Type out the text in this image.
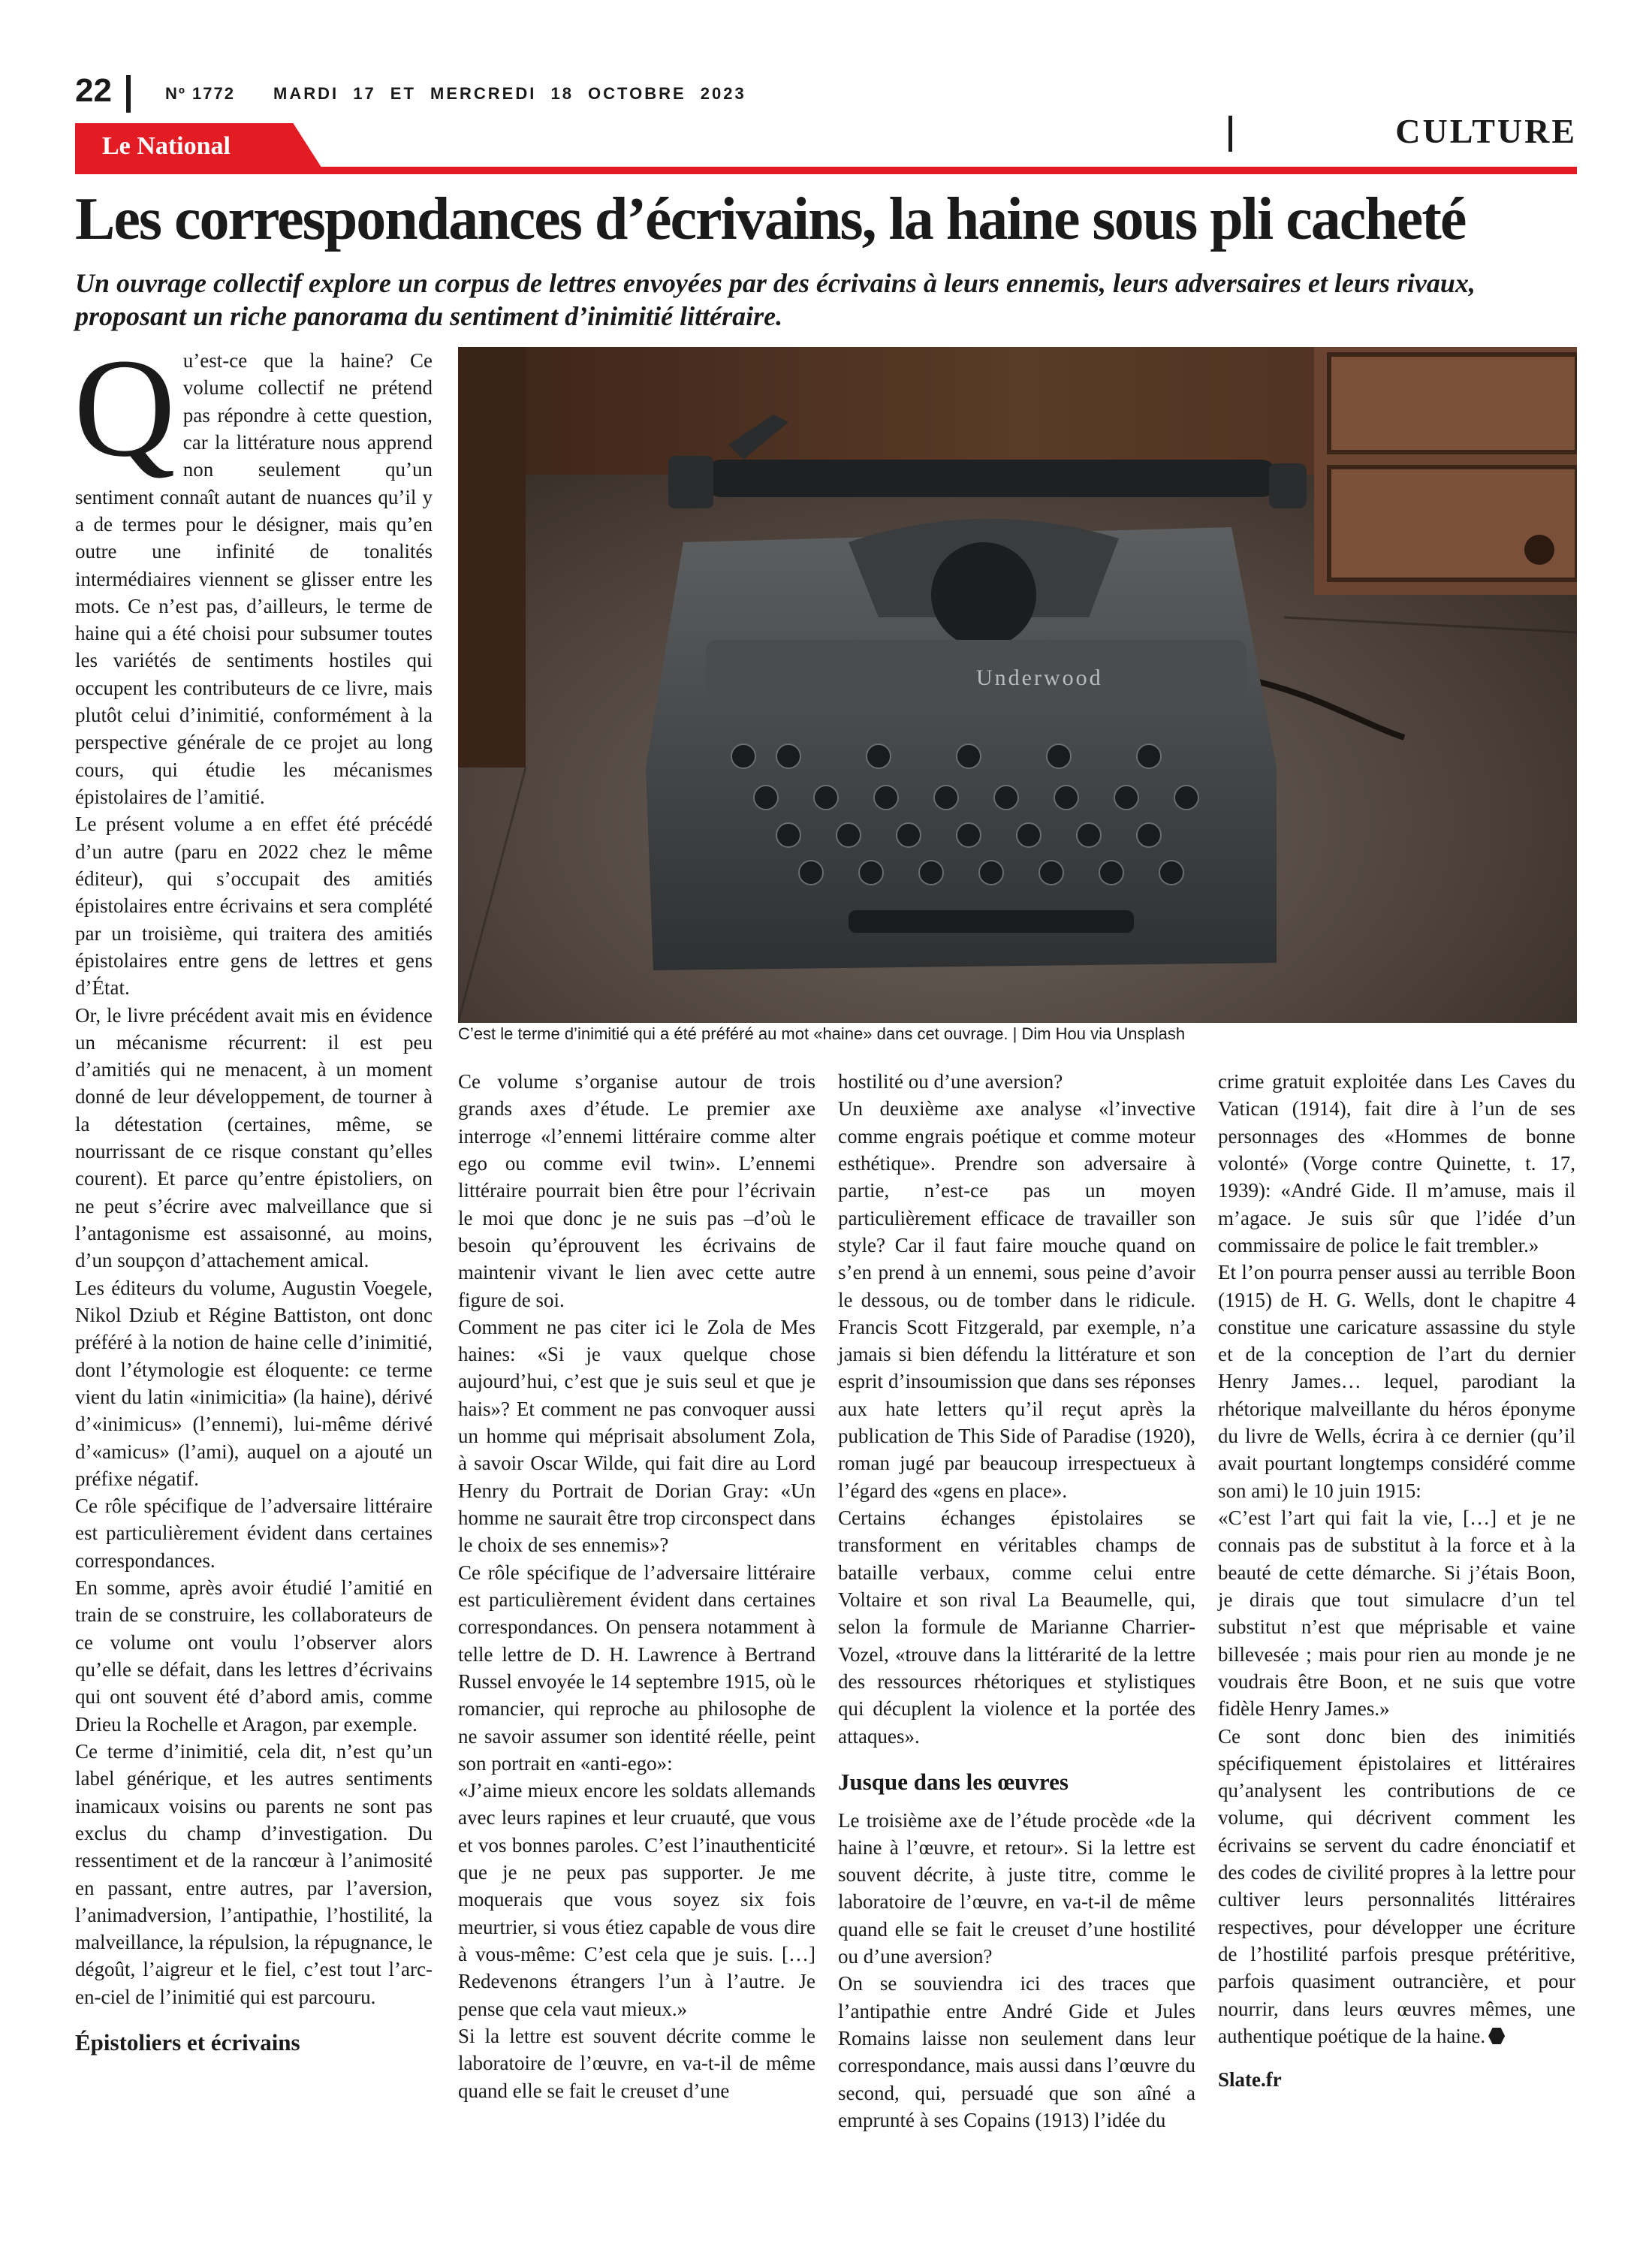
22	Nº 1772 MARDI 17 ET MERCREDI 18 OCTOBRE 2023
Le National	CULTURE
Les correspondances d’écrivains, la haine sous pli cacheté
Un ouvrage collectif explore un corpus de lettres envoyées par des écrivains à leurs ennemis, leurs adversaires et leurs rivaux, proposant un riche panorama du sentiment d’inimitié littéraire.
Underwood
C’est le terme d’inimitié qui a été préféré au mot «haine» dans cet ouvrage. | Dim Hou via Unsplash

Qu’est-ce que la haine? Ce volume collectif ne prétend pas répondre à cette question, car la littérature nous apprend non seulement qu’un sentiment connaît autant de nuances qu’il y a de termes pour le désigner, mais qu’en outre une infinité de tonalités intermédiaires viennent se glisser entre les mots. Ce n’est pas, d’ailleurs, le terme de haine qui a été choisi pour subsumer toutes les variétés de sentiments hostiles qui occupent les contributeurs de ce livre, mais plutôt celui d’inimitié, conformément à la perspective générale de ce projet au long cours, qui étudie les mécanismes épistolaires de l’amitié.

Le présent volume a en effet été précédé d’un autre (paru en 2022 chez le même éditeur), qui s’occupait des amitiés épistolaires entre écrivains et sera complété par un troisième, qui traitera des amitiés épistolaires entre gens de lettres et gens d’État.

Or, le livre précédent avait mis en évidence un mécanisme récurrent: il est peu d’amitiés qui ne menacent, à un moment donné de leur développement, de tourner à la détestation (certaines, même, se nourrissant de ce risque constant qu’elles courent). Et parce qu’entre épistoliers, on ne peut s’écrire avec malveillance que si l’antagonisme est assaisonné, au moins, d’un soupçon d’attachement amical.

Les éditeurs du volume, Augustin Voegele, Nikol Dziub et Régine Battiston, ont donc préféré à la notion de haine celle d’inimitié, dont l’étymologie est éloquente: ce terme vient du latin «inimicitia» (la haine), dérivé d’«inimicus» (l’ennemi), lui-même dérivé d’«amicus» (l’ami), auquel on a ajouté un préfixe négatif.

Ce rôle spécifique de l’adversaire littéraire est particulièrement évident dans certaines correspondances.

En somme, après avoir étudié l’amitié en train de se construire, les collaborateurs de ce volume ont voulu l’observer alors qu’elle se défait, dans les lettres d’écrivains qui ont souvent été d’abord amis, comme Drieu la Rochelle et Aragon, par exemple.

Ce terme d’inimitié, cela dit, n’est qu’un label générique, et les autres sentiments inamicaux voisins ou parents ne sont pas exclus du champ d’investigation. Du ressentiment et de la rancœur à l’animosité en passant, entre autres, par l’aversion, l’animadversion, l’antipathie, l’hostilité, la malveillance, la répulsion, la répugnance, le dégoût, l’aigreur et le fiel, c’est tout l’arc-en-ciel de l’inimitié qui est parcouru.

Épistoliers et écrivains

Ce volume s’organise autour de trois grands axes d’étude. Le premier axe interroge «l’ennemi littéraire comme alter ego ou comme evil twin». L’ennemi littéraire pourrait bien être pour l’écrivain le moi que donc je ne suis pas –d’où le besoin qu’éprouvent les écrivains de maintenir vivant le lien avec cette autre figure de soi.

Comment ne pas citer ici le Zola de Mes haines: «Si je vaux quelque chose aujourd’hui, c’est que je suis seul et que je hais»? Et comment ne pas convoquer aussi un homme qui méprisait absolument Zola, à savoir Oscar Wilde, qui fait dire au Lord Henry du Portrait de Dorian Gray: «Un homme ne saurait être trop circonspect dans le choix de ses ennemis»?

Ce rôle spécifique de l’adversaire littéraire est particulièrement évident dans certaines correspondances. On pensera notamment à telle lettre de D. H. Lawrence à Bertrand Russel envoyée le 14 septembre 1915, où le romancier, qui reproche au philosophe de ne savoir assumer son identité réelle, peint son portrait en «anti-ego»:

«J’aime mieux encore les soldats allemands avec leurs rapines et leur cruauté, que vous et vos bonnes paroles. C’est l’inauthenticité que je ne peux pas supporter. Je me moquerais que vous soyez six fois meurtrier, si vous étiez capable de vous dire à vous-même: C’est cela que je suis. […] Redevenons étrangers l’un à l’autre. Je pense que cela vaut mieux.»

Si la lettre est souvent décrite comme le laboratoire de l’œuvre, en va-t-il de même quand elle se fait le creuset d’une

hostilité ou d’une aversion?

Un deuxième axe analyse «l’invective comme engrais poétique et comme moteur esthétique». Prendre son adversaire à partie, n’est-ce pas un moyen particulièrement efficace de travailler son style? Car il faut faire mouche quand on s’en prend à un ennemi, sous peine d’avoir le dessous, ou de tomber dans le ridicule. Francis Scott Fitzgerald, par exemple, n’a jamais si bien défendu la littérature et son esprit d’insoumission que dans ses réponses aux hate letters qu’il reçut après la publication de This Side of Paradise (1920), roman jugé par beaucoup irrespectueux à l’égard des «gens en place».

Certains échanges épistolaires se transforment en véritables champs de bataille verbaux, comme celui entre Voltaire et son rival La Beaumelle, qui, selon la formule de Marianne Charrier-Vozel, «trouve dans la littérarité de la lettre des ressources rhétoriques et stylistiques qui décuplent la violence et la portée des attaques».

Jusque dans les œuvres

Le troisième axe de l’étude procède «de la haine à l’œuvre, et retour». Si la lettre est souvent décrite, à juste titre, comme le laboratoire de l’œuvre, en va-t-il de même quand elle se fait le creuset d’une hostilité ou d’une aversion?

On se souviendra ici des traces que l’antipathie entre André Gide et Jules Romains laisse non seulement dans leur correspondance, mais aussi dans l’œuvre du second, qui, persuadé que son aîné a emprunté à ses Copains (1913) l’idée du

crime gratuit exploitée dans Les Caves du Vatican (1914), fait dire à l’un de ses personnages des «Hommes de bonne volonté» (Vorge contre Quinette, t. 17, 1939): «André Gide. Il m’amuse, mais il m’agace. Je suis sûr que l’idée d’un commissaire de police le fait trembler.»

Et l’on pourra penser aussi au terrible Boon (1915) de H. G. Wells, dont le chapitre 4 constitue une caricature assassine du style et de la conception de l’art du dernier Henry James… lequel, parodiant la rhétorique malveillante du héros éponyme du livre de Wells, écrira à ce dernier (qu’il avait pourtant longtemps considéré comme son ami) le 10 juin 1915:

«C’est l’art qui fait la vie, […] et je ne connais pas de substitut à la force et à la beauté de cette démarche. Si j’étais Boon, je dirais que tout simulacre d’un tel substitut n’est que méprisable et vaine billevesée ; mais pour rien au monde je ne voudrais être Boon, et ne suis que votre fidèle Henry James.»

Ce sont donc bien des inimitiés spécifiquement épistolaires et littéraires qu’analysent les contributions de ce volume, qui décrivent comment les écrivains se servent du cadre énonciatif et des codes de civilité propres à la lettre pour cultiver leurs personnalités littéraires respectives, pour développer une écriture de l’hostilité parfois presque prétéritive, parfois quasiment outrancière, et pour nourrir, dans leurs œuvres mêmes, une authentique poétique de la haine.

Slate.fr
